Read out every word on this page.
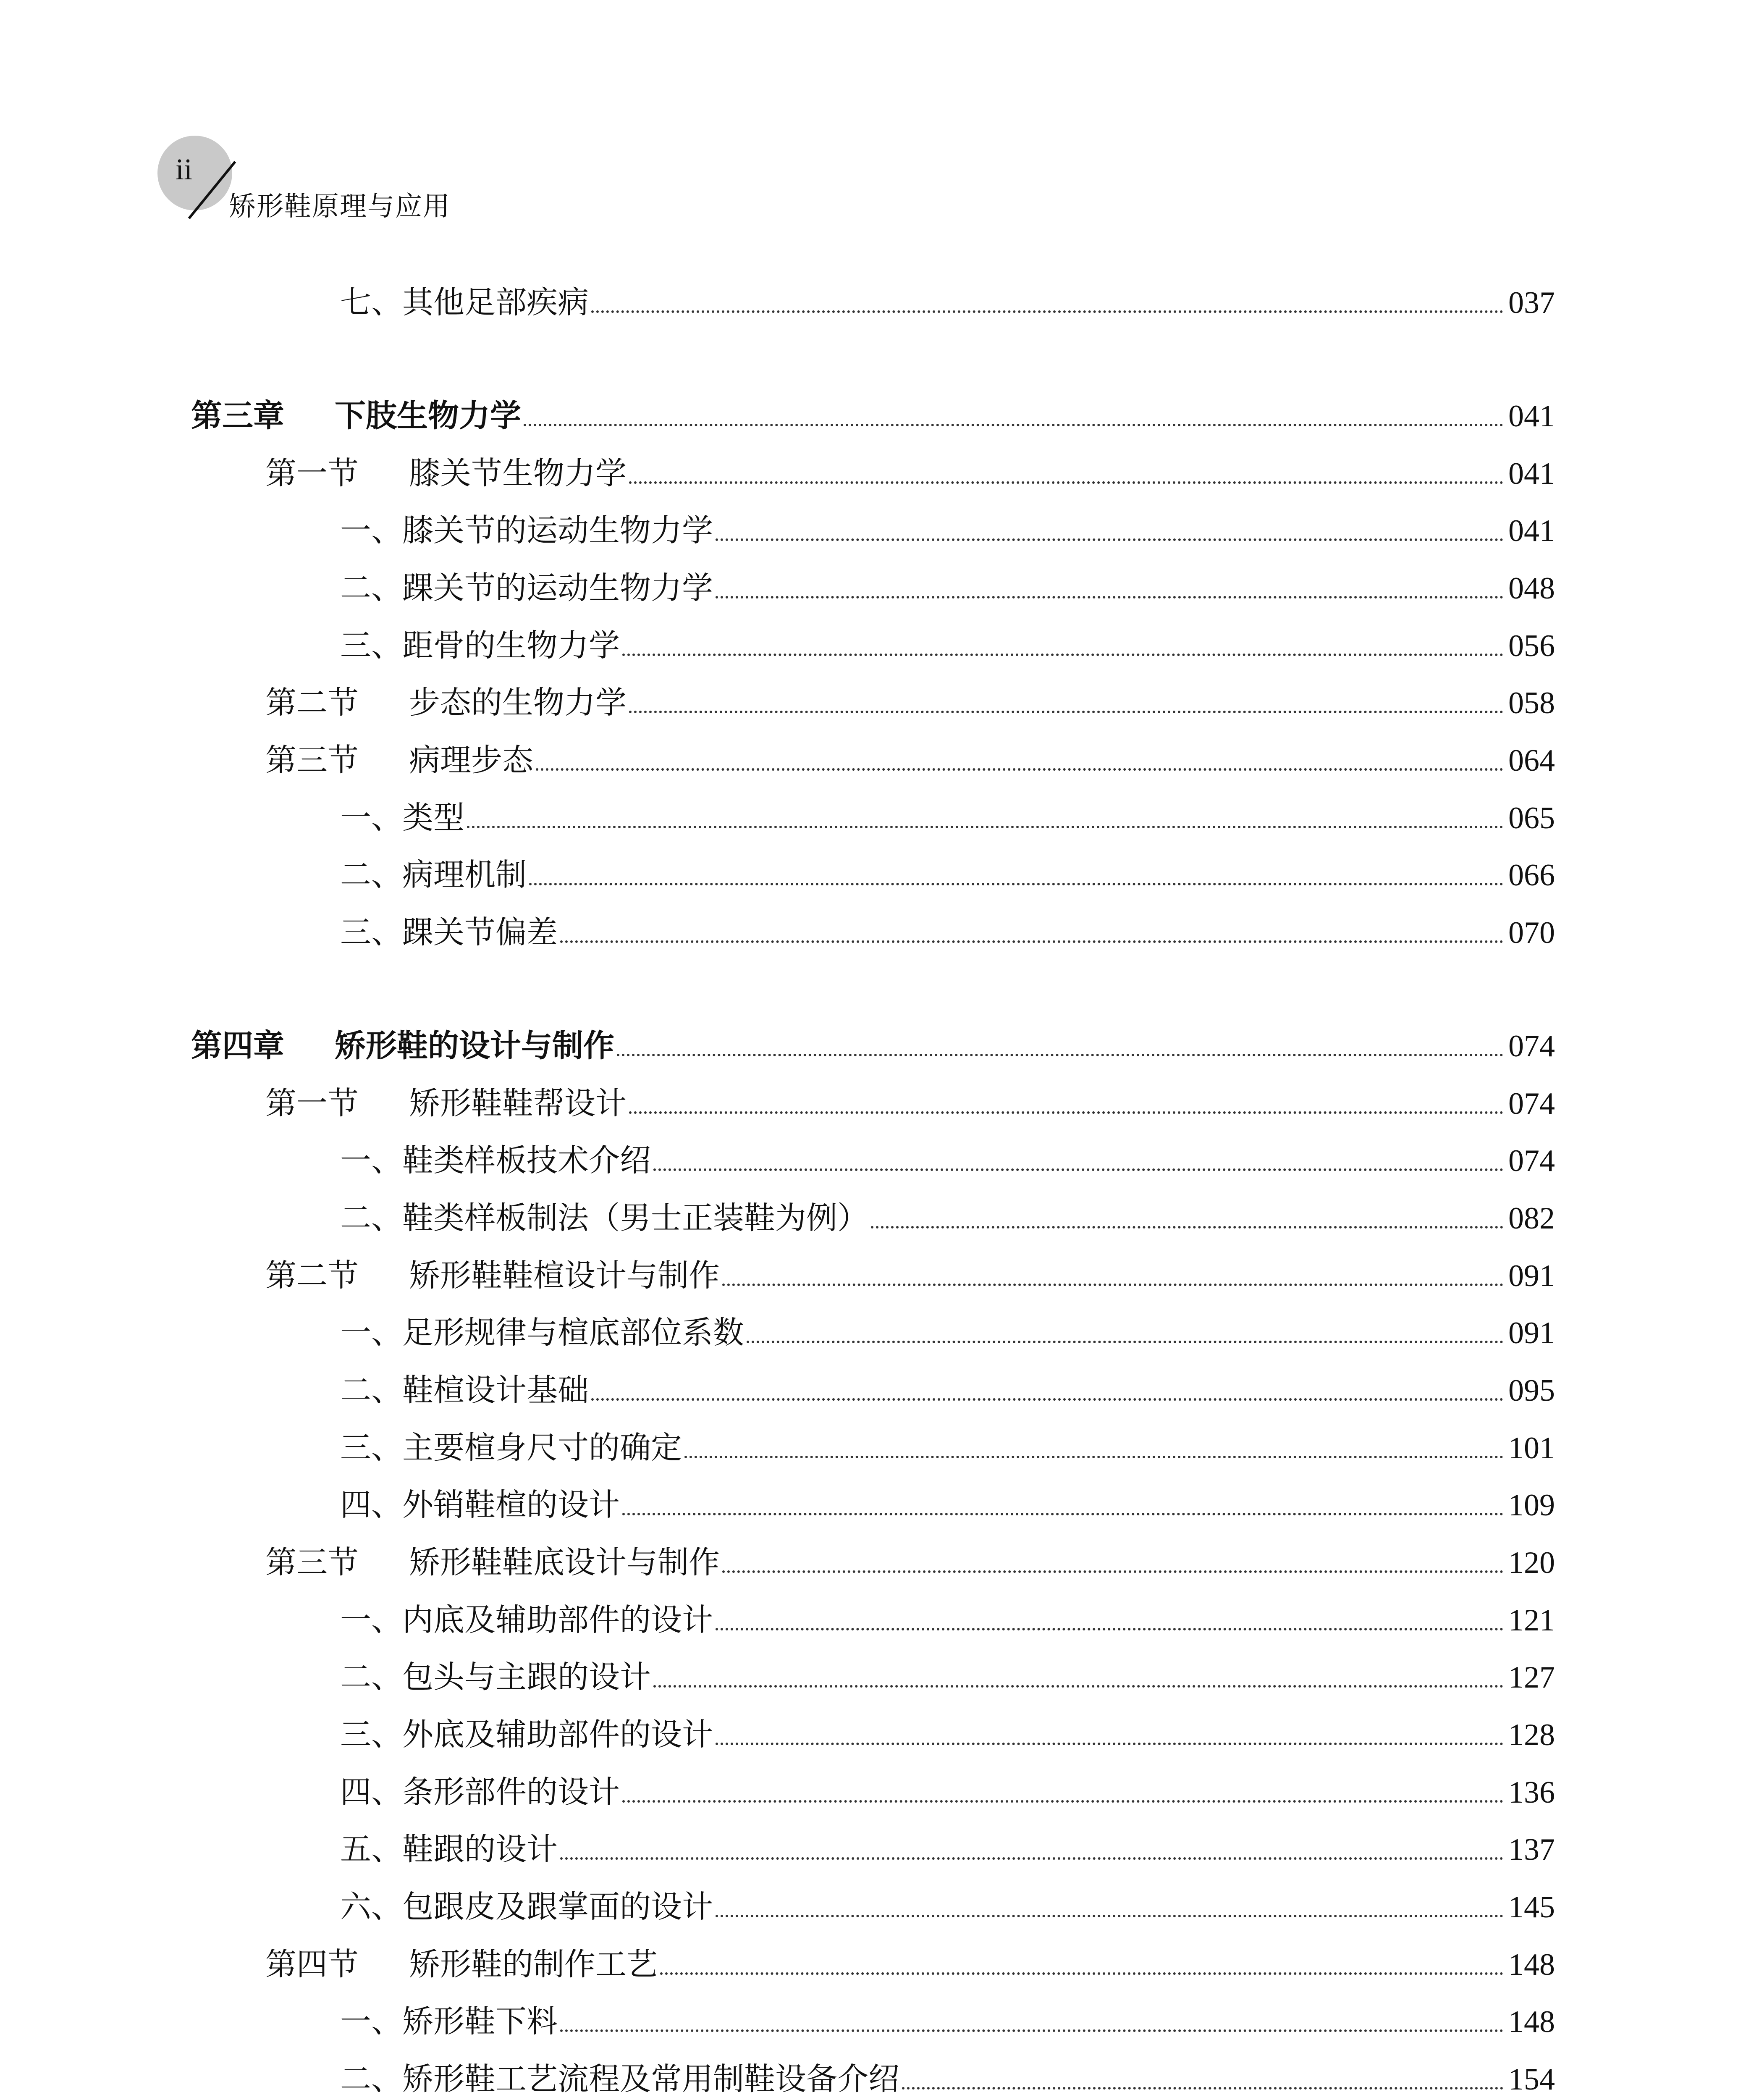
ii
矫形鞋原理与应用
七、其他足部疾病	037
第三章 下肢生物力学	041
第一节 膝关节生物力学	041
一、膝关节的运动生物力学	041
二、踝关节的运动生物力学	048
三、距骨的生物力学	056
第二节 步态的生物力学	058
第三节 病理步态	064
一、类型	065
二、病理机制	066
三、踝关节偏差	070
第四章 矫形鞋的设计与制作	074
第一节 矫形鞋鞋帮设计	074
一、鞋类样板技术介绍	074
二、鞋类样板制法（男士正装鞋为例）	082
第二节 矫形鞋鞋楦设计与制作	091
一、足形规律与楦底部位系数	091
二、鞋楦设计基础	095
三、主要楦身尺寸的确定	101
四、外销鞋楦的设计	109
第三节 矫形鞋鞋底设计与制作	120
一、内底及辅助部件的设计	121
二、包头与主跟的设计	127
三、外底及辅助部件的设计	128
四、条形部件的设计	136
五、鞋跟的设计	137
六、包跟皮及跟掌面的设计	145
第四节 矫形鞋的制作工艺	148
一、矫形鞋下料	148
二、矫形鞋工艺流程及常用制鞋设备介绍	154
